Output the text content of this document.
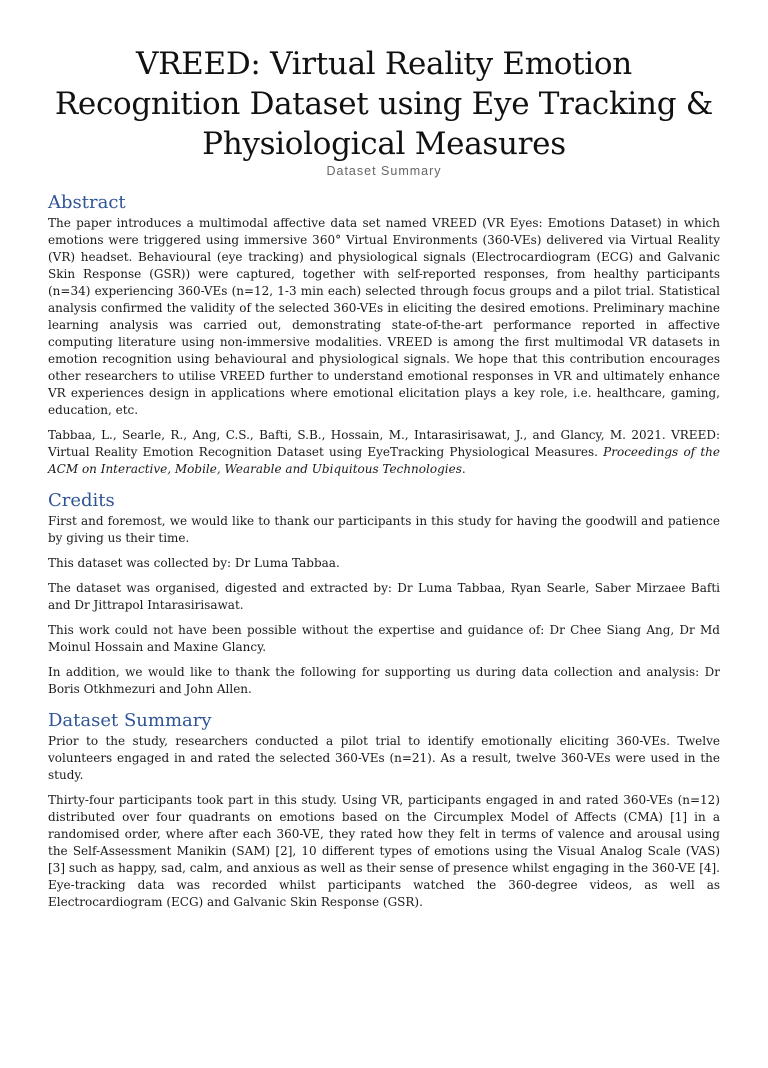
VREED: Virtual Reality Emotion Recognition Dataset using Eye Tracking & Physiological Measures
Dataset Summary
Abstract

The paper introduces a multimodal affective data set named VREED (VR Eyes: Emotions Dataset) in which emotions were triggered using immersive 360° Virtual Environments (360-VEs) delivered via Virtual Reality (VR) headset. Behavioural (eye tracking) and physiological signals (Electrocardiogram (ECG) and Galvanic Skin Response (GSR)) were captured, together with self-reported responses, from healthy participants (n=34) experiencing 360-VEs (n=12, 1-3 min each) selected through focus groups and a pilot trial. Statistical analysis confirmed the validity of the selected 360-VEs in eliciting the desired emotions. Preliminary machine learning analysis was carried out, demonstrating state-of-the-art performance reported in affective computing literature using non-immersive modalities. VREED is among the first multimodal VR datasets in emotion recognition using behavioural and physiological signals. We hope that this contribution encourages other researchers to utilise VREED further to understand emotional responses in VR and ultimately enhance VR experiences design in applications where emotional elicitation plays a key role, i.e. healthcare, gaming, education, etc.

Tabbaa, L., Searle, R., Ang, C.S., Bafti, S.B., Hossain, M., Intarasirisawat, J., and Glancy, M. 2021. VREED: Virtual Reality Emotion Recognition Dataset using EyeTracking Physiological Measures. Proceedings of the ACM on Interactive, Mobile, Wearable and Ubiquitous Technologies.

Credits

First and foremost, we would like to thank our participants in this study for having the goodwill and patience by giving us their time.

This dataset was collected by: Dr Luma Tabbaa.

The dataset was organised, digested and extracted by: Dr Luma Tabbaa, Ryan Searle, Saber Mirzaee Bafti and Dr Jittrapol Intarasirisawat.

This work could not have been possible without the expertise and guidance of: Dr Chee Siang Ang, Dr Md Moinul Hossain and Maxine Glancy.

In addition, we would like to thank the following for supporting us during data collection and analysis: Dr Boris Otkhmezuri and John Allen.

Dataset Summary

Prior to the study, researchers conducted a pilot trial to identify emotionally eliciting 360-VEs. Twelve volunteers engaged in and rated the selected 360-VEs (n=21). As a result, twelve 360-VEs were used in the study.

Thirty-four participants took part in this study. Using VR, participants engaged in and rated 360-VEs (n=12) distributed over four quadrants on emotions based on the Circumplex Model of Affects (CMA) [1] in a randomised order, where after each 360-VE, they rated how they felt in terms of valence and arousal using the Self-Assessment Manikin (SAM) [2], 10 different types of emotions using the Visual Analog Scale (VAS) [3] such as happy, sad, calm, and anxious as well as their sense of presence whilst engaging in the 360-VE [4]. Eye-tracking data was recorded whilst participants watched the 360-degree videos, as well as Electrocardiogram (ECG) and Galvanic Skin Response (GSR).
